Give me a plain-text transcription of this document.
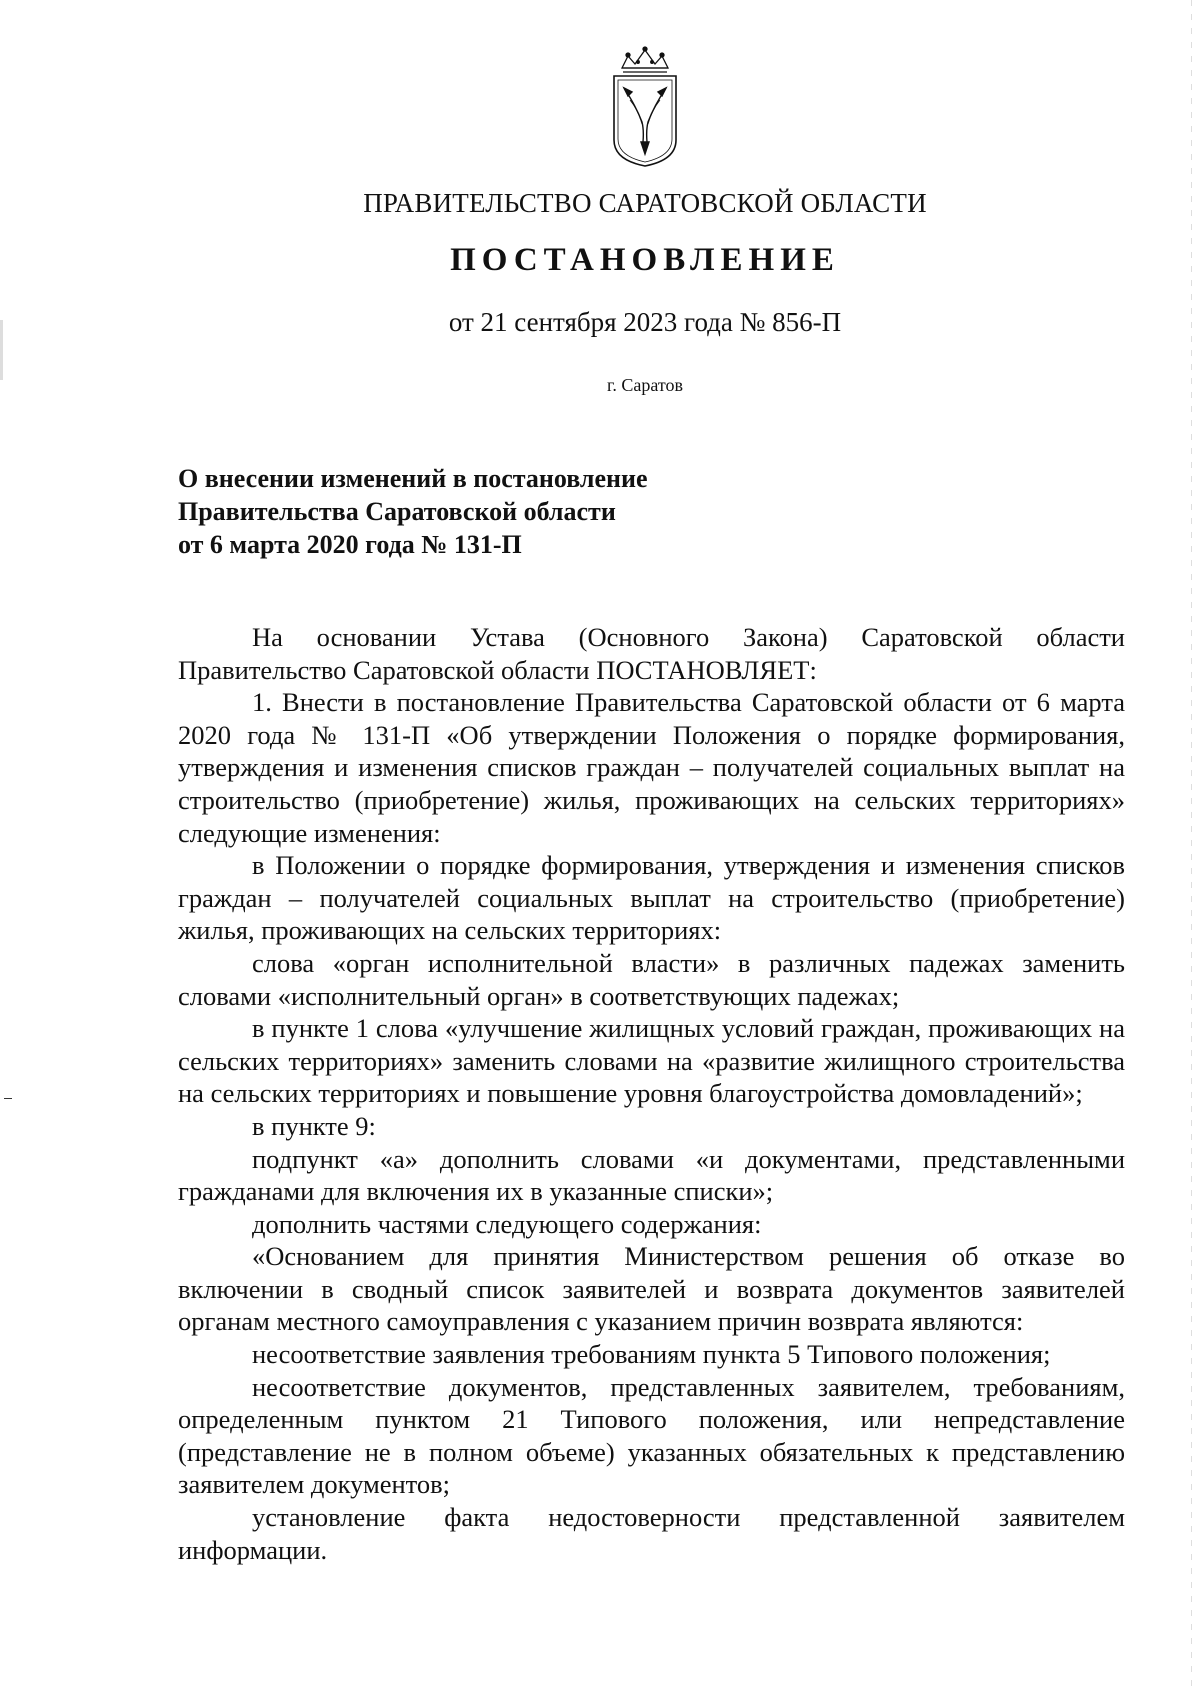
ПРАВИТЕЛЬСТВО САРАТОВСКОЙ ОБЛАСТИ
ПОСТАНОВЛЕНИЕ
от 21 сентября 2023 года № 856-П
г. Саратов
О внесении изменений в постановление
Правительства Саратовской области
от 6 марта 2020 года № 131-П

На основании Устава (Основного Закона) Саратовской области Правительство Саратовской области ПОСТАНОВЛЯЕТ:

1. Внести в постановление Правительства Саратовской области от 6 марта 2020 года № 131-П «Об утверждении Положения о порядке формирования, утверждения и изменения списков граждан – получателей социальных выплат на строительство (приобретение) жилья, проживающих на сельских территориях» следующие изменения:

в Положении о порядке формирования, утверждения и изменения списков граждан – получателей социальных выплат на строительство (приобретение) жилья, проживающих на сельских территориях:

слова «орган исполнительной власти» в различных падежах заменить словами «исполнительный орган» в соответствующих падежах;

в пункте 1 слова «улучшение жилищных условий граждан, проживающих на сельских территориях» заменить словами на «развитие жилищного строительства на сельских территориях и повышение уровня благоустройства домовладений»;

в пункте 9:

подпункт «а» дополнить словами «и документами, представленными гражданами для включения их в указанные списки»;

дополнить частями следующего содержания:

«Основанием для принятия Министерством решения об отказе во включении в сводный список заявителей и возврата документов заявителей органам местного самоуправления с указанием причин возврата являются:

несоответствие заявления требованиям пункта 5 Типового положения;

несоответствие документов, представленных заявителем, требованиям, определенным пунктом 21 Типового положения, или непредставление (представление не в полном объеме) указанных обязательных к представлению заявителем документов;

установление факта недостоверности представленной заявителем информации.
